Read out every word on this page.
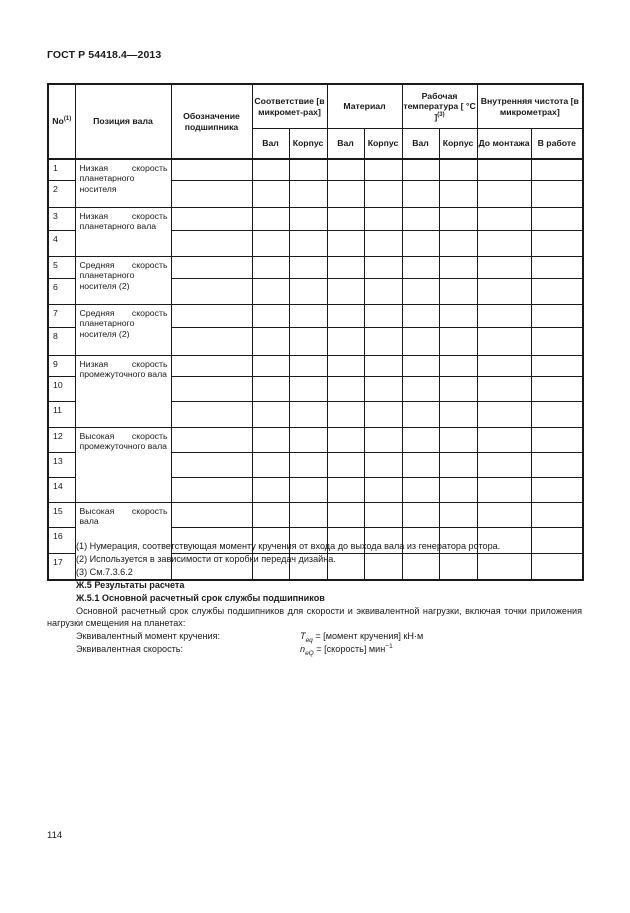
ГОСТ Р 54418.4—2013
No$^{(1)}$	Позиция вала	Обозначение подшипника	Соответствие [в микромет-рах]		Материал		Рабочая температура [ °C ]$^{(3)}$		Внутренняя чистота [в микрометрах]	
			Вал	Корпус	Вал	Корпус	Вал	Корпус	До монтажа	В работе
1	Низкая скорость планетарного носителя									
2										
3	Низкая скорость планетарного вала									
4										
5	Средняя скорость планетарного носителя (2)									
6										
7	Средняя скорость планетарного носителя (2)									
8										
9	Низкая скорость промежуточного вала									
10										
11										
12	Высокая скорость промежуточного вала									
13										
14										
15	Высокая скорость вала									
16										
17										

(1) Нумерация, соответствующая моменту кручения от входа до выхода вала из генератора ротора.

(2) Используется в зависимости от коробки передач дизайна.

(3) См.7.3.6.2

Ж.5 Результаты расчета

Ж.5.1 Основной расчетный срок службы подшипников

Основной расчетный срок службы подшипников для скорости и эквивалентной нагрузки, включая точки приложения нагрузки смещения на планетах:

Эквивалентный момент кручения:	$T_{eq}$ = [момент кручения] кН·м
Эквивалентная скорость:	$n_{eQ}$ = [скорость] мин$^{-1}$
114
